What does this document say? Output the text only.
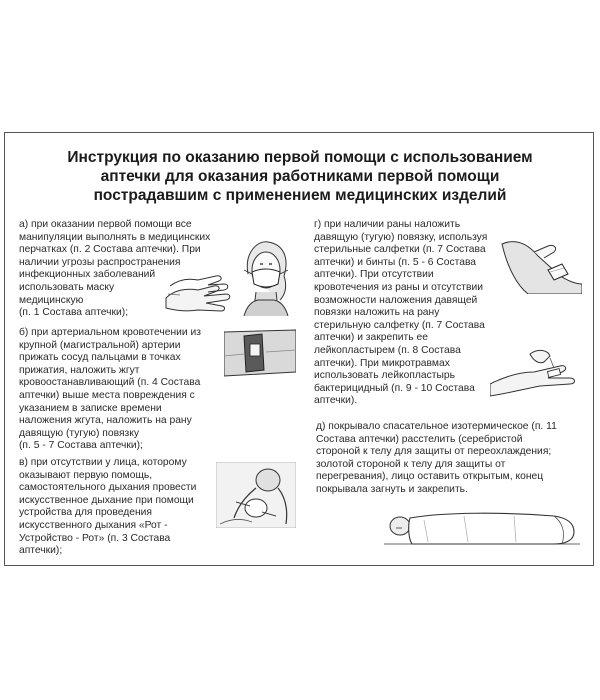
Инструкция по оказанию первой помощи с использованием
аптечки для оказания работниками первой помощи
пострадавшим с применением медицинских изделий
а) при оказании первой помощи все
манипуляции выполнять в медицинских
перчатках (п. 2 Состава аптечки). При
наличии угрозы распространения
инфекционных заболеваний
использовать маску
медицинскую
(п. 1 Состава аптечки);
б) при артериальном кровотечении из
крупной (магистральной) артерии
прижать сосуд пальцами в точках
прижатия, наложить жгут
кровоостанавливающий (п. 4 Состава
аптечки) выше места повреждения с
указанием в записке времени
наложения жгута, наложить на рану
давящую (тугую) повязку
(п. 5 - 7 Состава аптечки);
в) при отсутствии у лица, которому
оказывают первую помощь,
самостоятельного дыхания провести
искусственное дыхание при помощи
устройства для проведения
искусственного дыхания «Рот -
Устройство - Рот» (п. 3 Состава
аптечки);
г) при наличии раны наложить
давящую (тугую) повязку, используя
стерильные салфетки (п. 7 Состава
аптечки) и бинты (п. 5 - 6 Состава
аптечки). При отсутствии
кровотечения из раны и отсутствии
возможности наложения давящей
повязки наложить на рану
стерильную салфетку (п. 7 Состава
аптечки) и закрепить ее
лейкопластырем (п. 8 Состава
аптечки). При микротравмах
использовать лейкопластырь
бактерицидный (п. 9 - 10 Состава
аптечки).
д) покрывало спасательное изотермическое (п. 11
Состава аптечки) расстелить (серебристой
стороной к телу для защиты от переохлаждения;
золотой стороной к телу для защиты от
перегревания), лицо оставить открытым, конец
покрывала загнуть и закрепить.
